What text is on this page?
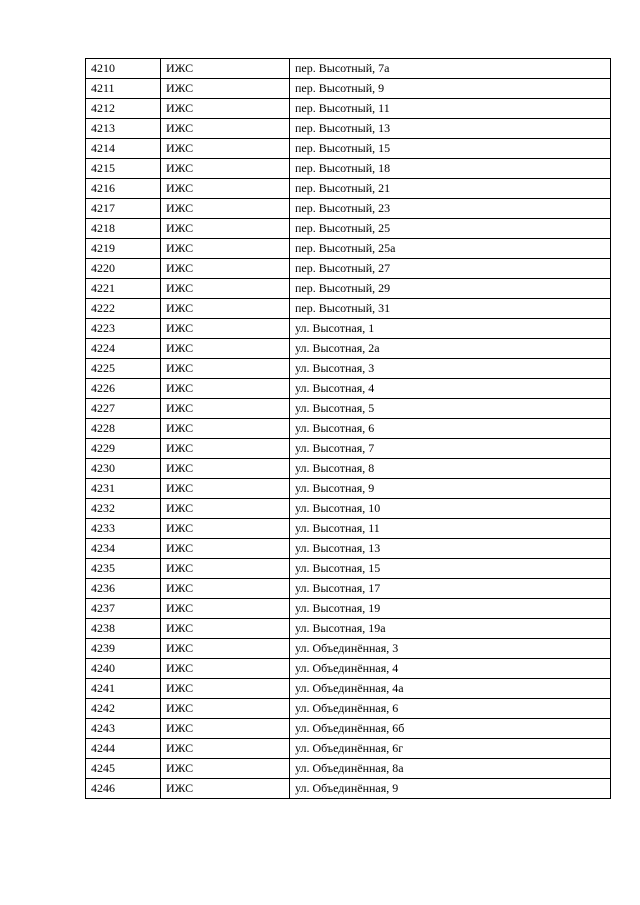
4210	ИЖС	пер. Высотный, 7а
4211	ИЖС	пер. Высотный, 9
4212	ИЖС	пер. Высотный, 11
4213	ИЖС	пер. Высотный, 13
4214	ИЖС	пер. Высотный, 15
4215	ИЖС	пер. Высотный, 18
4216	ИЖС	пер. Высотный, 21
4217	ИЖС	пер. Высотный, 23
4218	ИЖС	пер. Высотный, 25
4219	ИЖС	пер. Высотный, 25а
4220	ИЖС	пер. Высотный, 27
4221	ИЖС	пер. Высотный, 29
4222	ИЖС	пер. Высотный, 31
4223	ИЖС	ул. Высотная, 1
4224	ИЖС	ул. Высотная, 2а
4225	ИЖС	ул. Высотная, 3
4226	ИЖС	ул. Высотная, 4
4227	ИЖС	ул. Высотная, 5
4228	ИЖС	ул. Высотная, 6
4229	ИЖС	ул. Высотная, 7
4230	ИЖС	ул. Высотная, 8
4231	ИЖС	ул. Высотная, 9
4232	ИЖС	ул. Высотная, 10
4233	ИЖС	ул. Высотная, 11
4234	ИЖС	ул. Высотная, 13
4235	ИЖС	ул. Высотная, 15
4236	ИЖС	ул. Высотная, 17
4237	ИЖС	ул. Высотная, 19
4238	ИЖС	ул. Высотная, 19а
4239	ИЖС	ул. Объединённая, 3
4240	ИЖС	ул. Объединённая, 4
4241	ИЖС	ул. Объединённая, 4а
4242	ИЖС	ул. Объединённая, 6
4243	ИЖС	ул. Объединённая, 6б
4244	ИЖС	ул. Объединённая, 6г
4245	ИЖС	ул. Объединённая, 8а
4246	ИЖС	ул. Объединённая, 9
